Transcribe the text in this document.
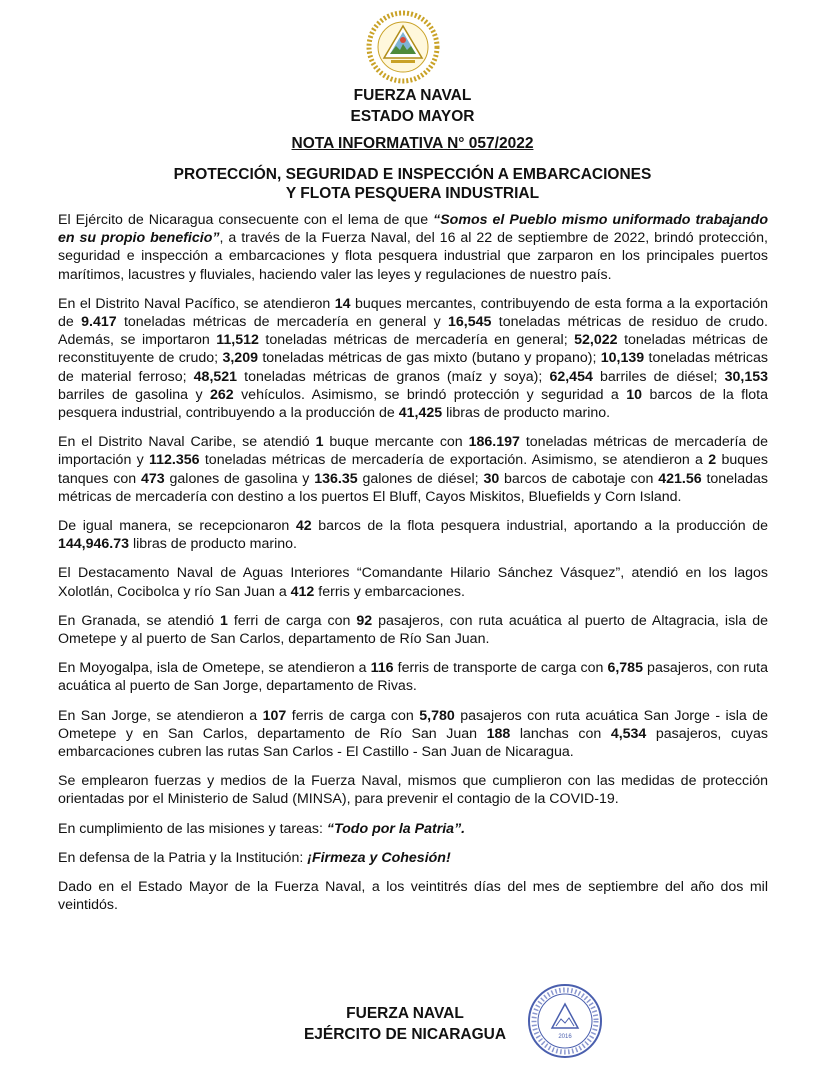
FUERZA NAVAL
ESTADO MAYOR
NOTA INFORMATIVA N° 057/2022
PROTECCIÓN, SEGURIDAD E INSPECCIÓN A EMBARCACIONES
Y FLOTA PESQUERA INDUSTRIAL

El Ejército de Nicaragua consecuente con el lema de que “Somos el Pueblo mismo uniformado trabajando en su propio beneficio”, a través de la Fuerza Naval, del 16 al 22 de septiembre de 2022, brindó protección, seguridad e inspección a embarcaciones y flota pesquera industrial que zarparon en los principales puertos marítimos, lacustres y fluviales, haciendo valer las leyes y regulaciones de nuestro país.

En el Distrito Naval Pacífico, se atendieron 14 buques mercantes, contribuyendo de esta forma a la exportación de 9.417 toneladas métricas de mercadería en general y 16,545 toneladas métricas de residuo de crudo. Además, se importaron 11,512 toneladas métricas de mercadería en general; 52,022 toneladas métricas de reconstituyente de crudo; 3,209 toneladas métricas de gas mixto (butano y propano); 10,139 toneladas métricas de material ferroso; 48,521 toneladas métricas de granos (maíz y soya); 62,454 barriles de diésel; 30,153 barriles de gasolina y 262 vehículos. Asimismo, se brindó protección y seguridad a 10 barcos de la flota pesquera industrial, contribuyendo a la producción de 41,425 libras de producto marino.

En el Distrito Naval Caribe, se atendió 1 buque mercante con 186.197 toneladas métricas de mercadería de importación y 112.356 toneladas métricas de mercadería de exportación. Asimismo, se atendieron a 2 buques tanques con 473 galones de gasolina y 136.35 galones de diésel; 30 barcos de cabotaje con 421.56 toneladas métricas de mercadería con destino a los puertos El Bluff, Cayos Miskitos, Bluefields y Corn Island.

De igual manera, se recepcionaron 42 barcos de la flota pesquera industrial, aportando a la producción de 144,946.73 libras de producto marino.

El Destacamento Naval de Aguas Interiores “Comandante Hilario Sánchez Vásquez”, atendió en los lagos Xolotlán, Cocibolca y río San Juan a 412 ferris y embarcaciones.

En Granada, se atendió 1 ferri de carga con 92 pasajeros, con ruta acuática al puerto de Altagracia, isla de Ometepe y al puerto de San Carlos, departamento de Río San Juan.

En Moyogalpa, isla de Ometepe, se atendieron a 116 ferris de transporte de carga con 6,785 pasajeros, con ruta acuática al puerto de San Jorge, departamento de Rivas.

En San Jorge, se atendieron a 107 ferris de carga con 5,780 pasajeros con ruta acuática San Jorge - isla de Ometepe y en San Carlos, departamento de Río San Juan 188 lanchas con 4,534 pasajeros, cuyas embarcaciones cubren las rutas San Carlos - El Castillo - San Juan de Nicaragua.

Se emplearon fuerzas y medios de la Fuerza Naval, mismos que cumplieron con las medidas de protección orientadas por el Ministerio de Salud (MINSA), para prevenir el contagio de la COVID-19.

En cumplimiento de las misiones y tareas: “Todo por la Patria”.

En defensa de la Patria y la Institución: ¡Firmeza y Cohesión!

Dado en el Estado Mayor de la Fuerza Naval, a los veintitrés días del mes de septiembre del año dos mil veintidós.

FUERZA NAVAL
EJÉRCITO DE NICARAGUA	2016
